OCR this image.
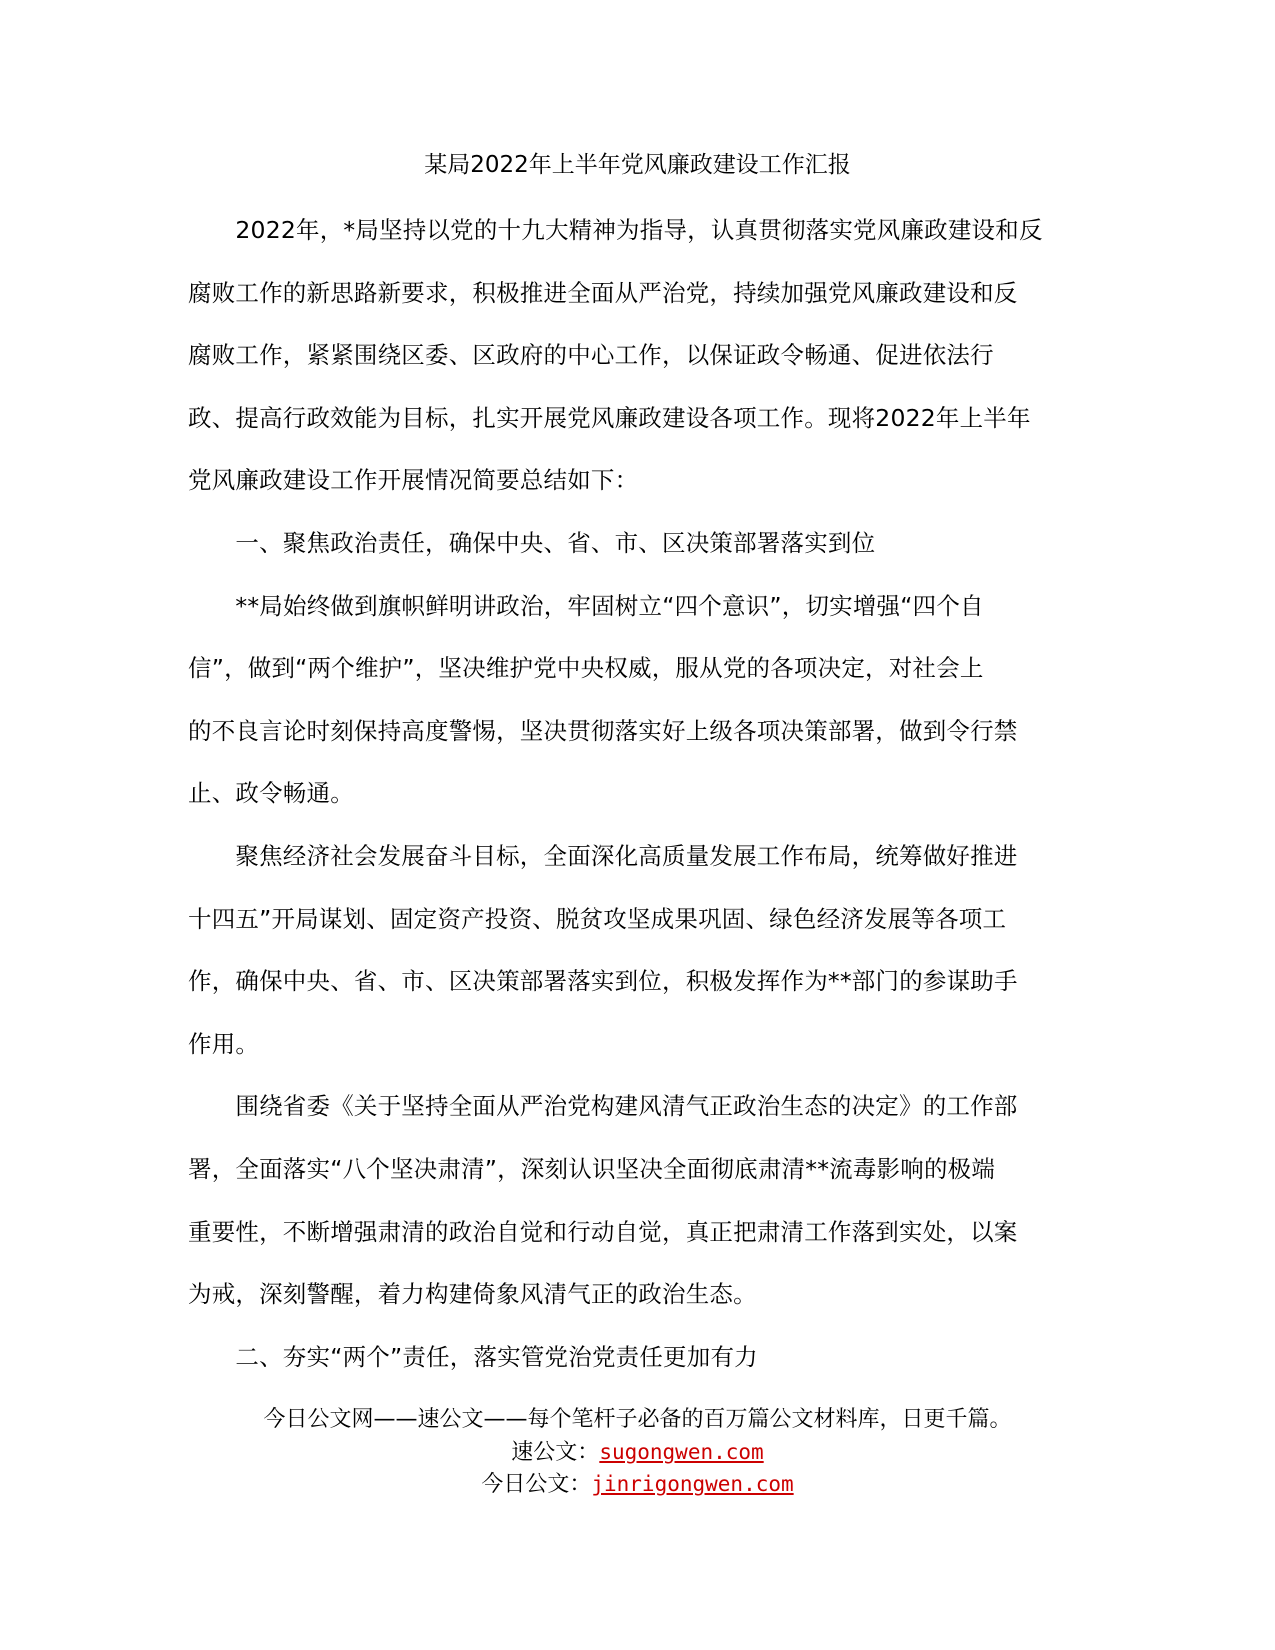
某局2022年上半年党风廉政建设工作汇报
　　2022年，*局坚持以党的十九大精神为指导，认真贯彻落实党风廉政建设和反
腐败工作的新思路新要求，积极推进全面从严治党，持续加强党风廉政建设和反
腐败工作，紧紧围绕区委、区政府的中心工作，以保证政令畅通、促进依法行
政、提高行政效能为目标，扎实开展党风廉政建设各项工作。现将2022年上半年
党风廉政建设工作开展情况简要总结如下：
　　一、聚焦政治责任，确保中央、省、市、区决策部署落实到位
　　**局始终做到旗帜鲜明讲政治，牢固树立“四个意识”，切实增强“四个自
信”，做到“两个维护”，坚决维护党中央权威，服从党的各项决定，对社会上
的不良言论时刻保持高度警惕，坚决贯彻落实好上级各项决策部署，做到令行禁
止、政令畅通。
　　聚焦经济社会发展奋斗目标，全面深化高质量发展工作布局，统筹做好推进
十四五”开局谋划、固定资产投资、脱贫攻坚成果巩固、绿色经济发展等各项工
作，确保中央、省、市、区决策部署落实到位，积极发挥作为**部门的参谋助手
作用。
　　围绕省委《关于坚持全面从严治党构建风清气正政治生态的决定》的工作部
署，全面落实“八个坚决肃清”，深刻认识坚决全面彻底肃清**流毒影响的极端
重要性，不断增强肃清的政治自觉和行动自觉，真正把肃清工作落到实处，以案
为戒，深刻警醒，着力构建倚象风清气正的政治生态。
　　二、夯实“两个”责任，落实管党治党责任更加有力
今日公文网——速公文——每个笔杆子必备的百万篇公文材料库，日更千篇。
速公文：sugongwen.com
今日公文：jinrigongwen.com
